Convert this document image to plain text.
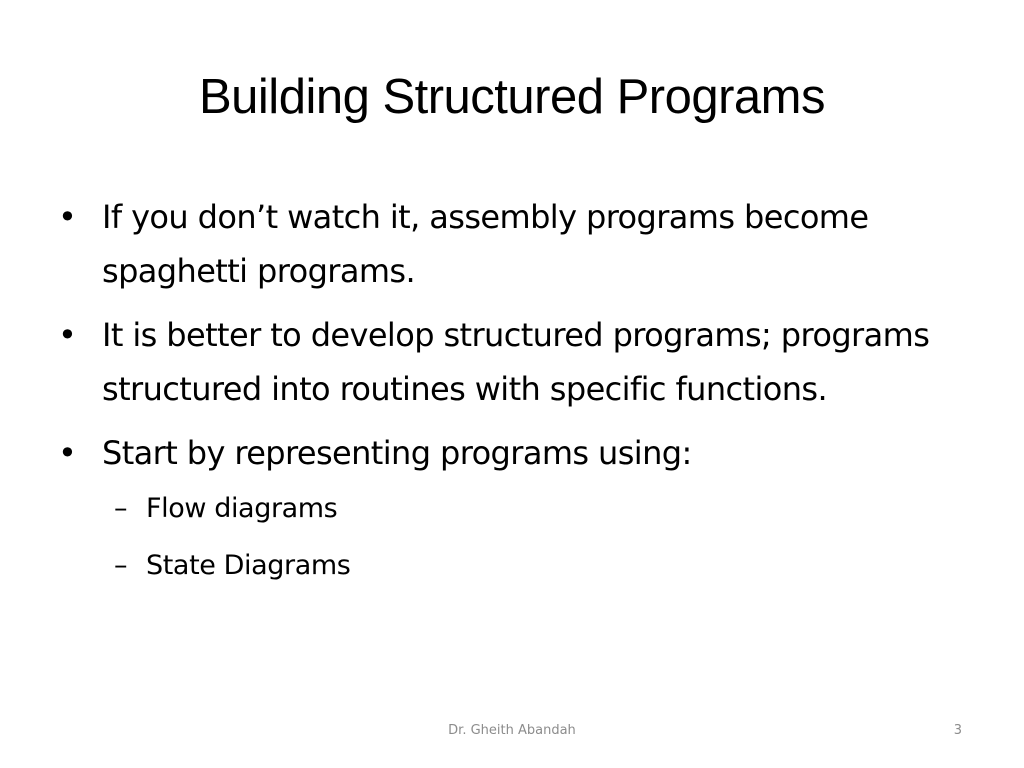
Building Structured Programs
• If you don’t watch it, assembly programs become spaghetti programs.
• It is better to develop structured programs; programs structured into routines with specific functions.
• Start by representing programs using:
– Flow diagrams
– State Diagrams
Dr. Gheith Abandah	3
